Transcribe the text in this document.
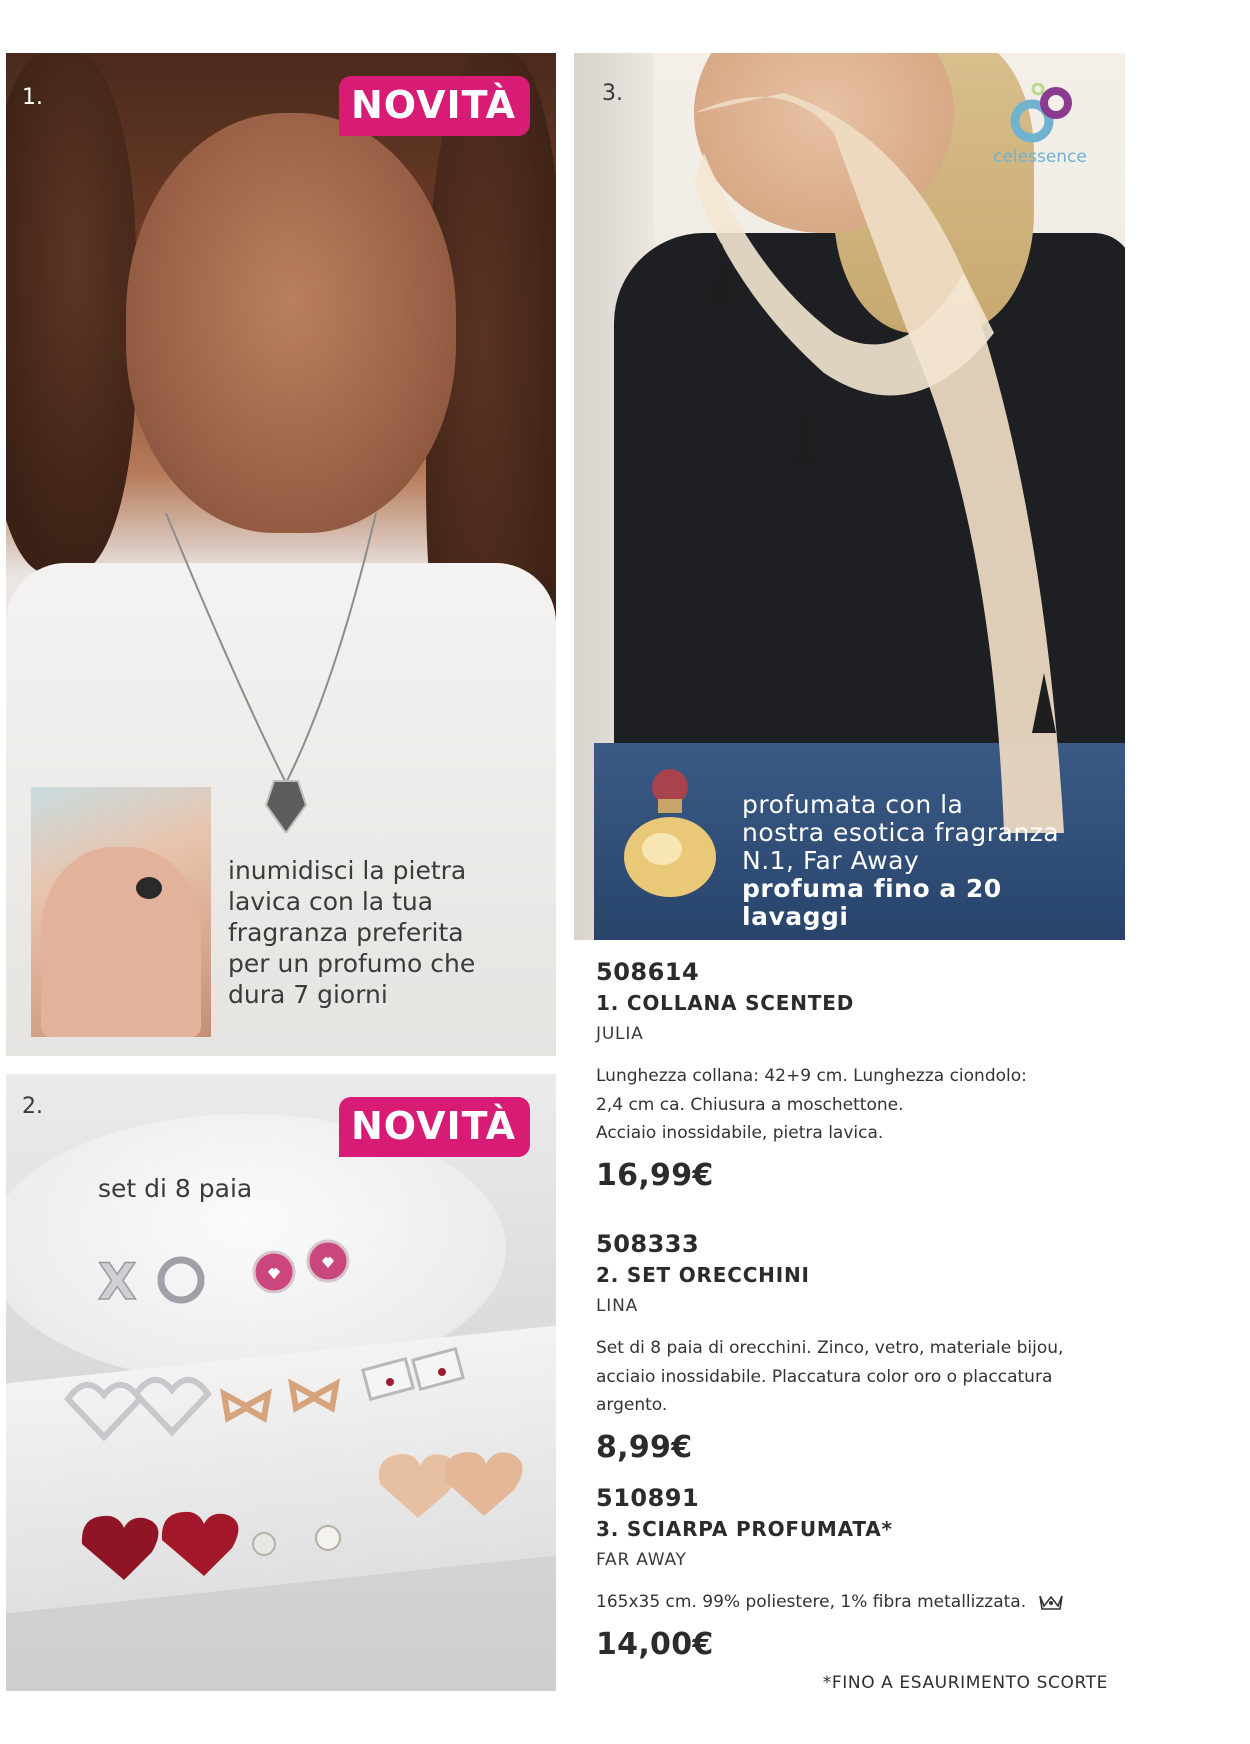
1.	NOVITÀ
inumidisci la pietra
lavica con la tua
fragranza preferita
per un profumo che
dura 7 giorni
2.	NOVITÀ
set di 8 paia
X
celessence
3.
profumata con la
nostra esotica fragranza
N.1, Far Away
profuma fino a 20 lavaggi
508614
1. COLLANA SCENTED
JULIA
Lunghezza collana: 42+9 cm. Lunghezza ciondolo:
2,4 cm ca. Chiusura a moschettone.
Acciaio inossidabile, pietra lavica.
16,99€
508333
2. SET ORECCHINI
LINA
Set di 8 paia di orecchini. Zinco, vetro, materiale bijou,
acciaio inossidabile. Placcatura color oro o placcatura
argento.
8,99€
510891
3. SCIARPA PROFUMATA*
FAR AWAY
165x35 cm. 99% poliestere, 1% fibra metallizzata.
14,00€
*FINO A ESAURIMENTO SCORTE
